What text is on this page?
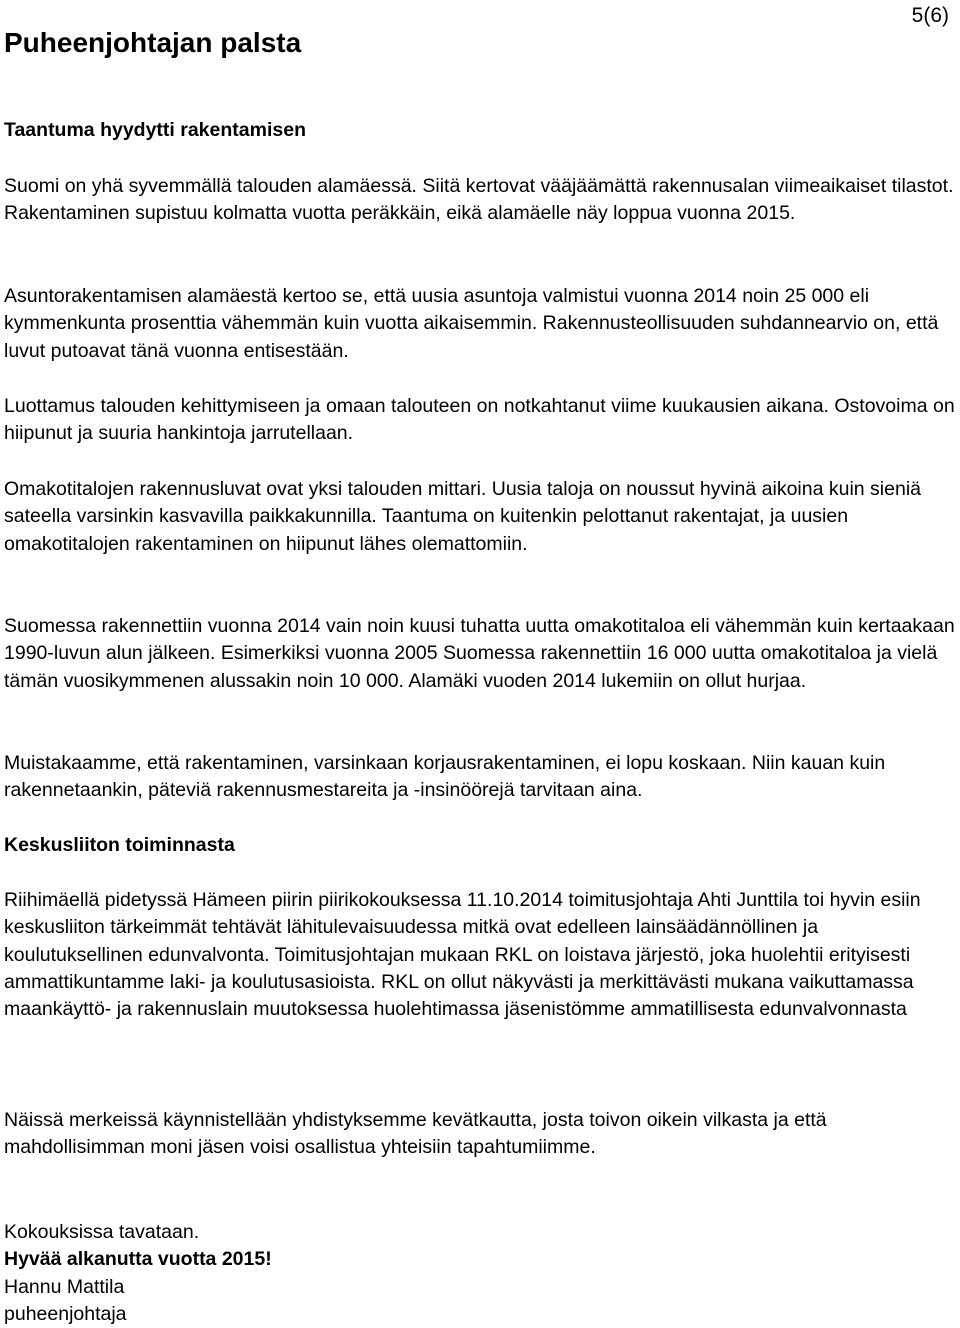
5(6)
Puheenjohtajan palsta
Taantuma hyydytti rakentamisen

Suomi on yhä syvemmällä talouden alamäessä. Siitä kertovat vääjäämättä rakennusalan viimeaikaiset tilastot. Rakentaminen supistuu kolmatta vuotta peräkkäin, eikä alamäelle näy loppua vuonna 2015.

Asuntorakentamisen alamäestä kertoo se, että uusia asuntoja valmistui vuonna 2014 noin 25 000 eli kymmenkunta prosenttia vähemmän kuin vuotta aikaisemmin. Rakennusteollisuuden suhdannearvio on, että luvut putoavat tänä vuonna entisestään.

Luottamus talouden kehittymiseen ja omaan talouteen on notkahtanut viime kuukausien aikana. Ostovoima on hiipunut ja suuria hankintoja jarrutellaan.

Omakotitalojen rakennusluvat ovat yksi talouden mittari. Uusia taloja on noussut hyvinä aikoina kuin sieniä sateella varsinkin kasvavilla paikkakunnilla. Taantuma on kuitenkin pelottanut rakentajat, ja uusien omakotitalojen rakentaminen on hiipunut lähes olemattomiin.

Suomessa rakennettiin vuonna 2014 vain noin kuusi tuhatta uutta omakotitaloa eli vähemmän kuin kertaakaan 1990-luvun alun jälkeen. Esimerkiksi vuonna 2005 Suomessa rakennettiin 16 000 uutta omakotitaloa ja vielä tämän vuosikymmenen alussakin noin 10 000. Alamäki vuoden 2014 lukemiin on ollut hurjaa.

Muistakaamme, että rakentaminen, varsinkaan korjausrakentaminen, ei lopu koskaan. Niin kauan kuin rakennetaankin, päteviä rakennusmestareita ja -insinöörejä tarvitaan aina.

Keskusliiton toiminnasta

Riihimäellä pidetyssä Hämeen piirin piirikokouksessa 11.10.2014 toimitusjohtaja Ahti Junttila toi hyvin esiin keskusliiton tärkeimmät tehtävät lähitulevaisuudessa mitkä ovat edelleen lainsäädännöllinen ja koulutuksellinen edunvalvonta. Toimitusjohtajan mukaan RKL on loistava järjestö, joka huolehtii erityisesti ammattikuntamme laki- ja koulutusasioista. RKL on ollut näkyvästi ja merkittävästi mukana vaikuttamassa maankäyttö- ja rakennuslain muutoksessa huolehtimassa jäsenistömme ammatillisesta edunvalvonnasta

Näissä merkeissä käynnistellään yhdistyksemme kevätkautta, josta toivon oikein vilkasta ja että mahdollisimman moni jäsen voisi osallistua yhteisiin tapahtumiimme.

Kokouksissa tavataan.
Hyvää alkanutta vuotta 2015!
Hannu Mattila
puheenjohtaja
